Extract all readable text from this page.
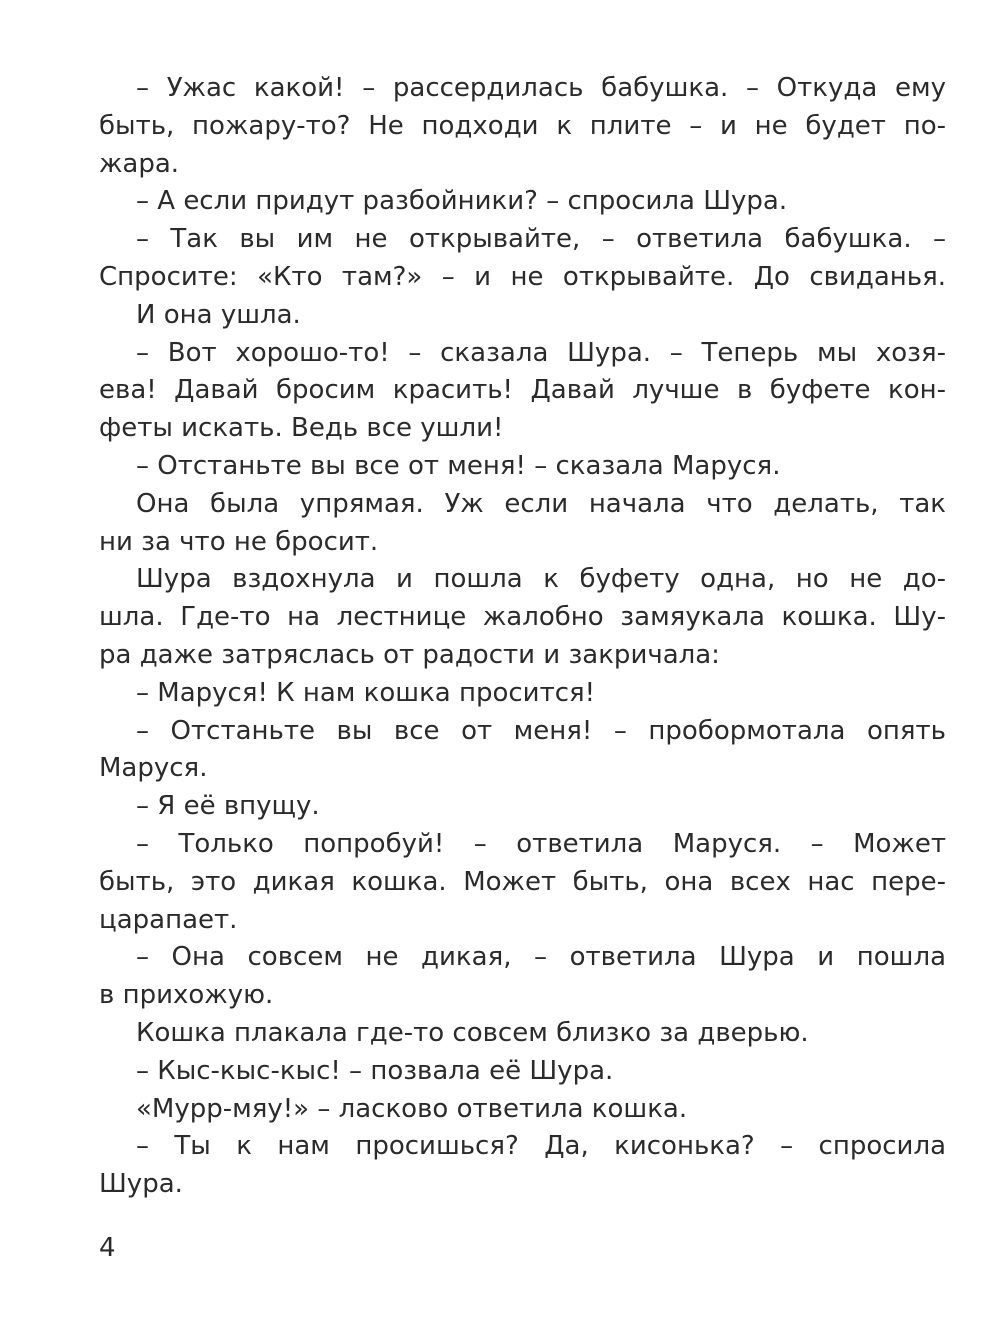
– Ужас какой! – рассердилась бабушка. – Откуда ему
быть, пожару-то? Не подходи к плите – и не будет по-
жара.
– А если придут разбойники? – спросила Шура.
– Так вы им не открывайте, – ответила бабушка. –
Спросите: «Кто там?» – и не открывайте. До свиданья.
И она ушла.
– Вот хорошо-то! – сказала Шура. – Теперь мы хозя-
ева! Давай бросим красить! Давай лучше в буфете кон-
феты искать. Ведь все ушли!
– Отстаньте вы все от меня! – сказала Маруся.
Она была упрямая. Уж если начала что делать, так
ни за что не бросит.
Шура вздохнула и пошла к буфету одна, но не до-
шла. Где-то на лестнице жалобно замяукала кошка. Шу-
ра даже затряслась от радости и закричала:
– Маруся! К нам кошка просится!
– Отстаньте вы все от меня! – пробормотала опять
Маруся.
– Я её впущу.
– Только попробуй! – ответила Маруся. – Может
быть, это дикая кошка. Может быть, она всех нас пере-
царапает.
– Она совсем не дикая, – ответила Шура и пошла
в прихожую.
Кошка плакала где-то совсем близко за дверью.
– Кыс-кыс-кыс! – позвала её Шура.
«Мурр-мяу!» – ласково ответила кошка.
– Ты к нам просишься? Да, кисонька? – спросила
Шура.
4
